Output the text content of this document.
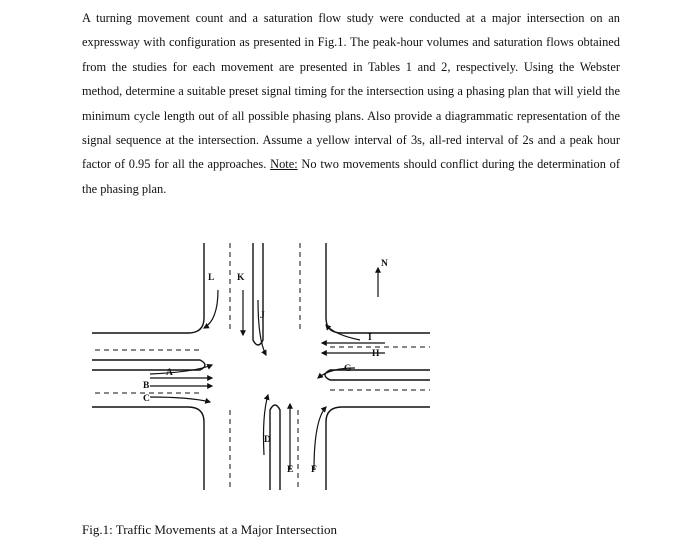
A turning movement count and a saturation flow study were conducted at a major intersection on an expressway with configuration as presented in Fig.1. The peak-hour volumes and saturation flows obtained from the studies for each movement are presented in Tables 1 and 2, respectively. Using the Webster method, determine a suitable preset signal timing for the intersection using a phasing plan that will yield the minimum cycle length out of all possible phasing plans. Also provide a diagrammatic representation of the signal sequence at the intersection. Assume a yellow interval of 3s, all-red interval of 2s and a peak hour factor of 0.95 for all the approaches. Note: No two movements should conflict during the determination of the phasing plan.

N
L K
J
I
H
G
A
B
C
D
E F

Fig.1: Traffic Movements at a Major Intersection
